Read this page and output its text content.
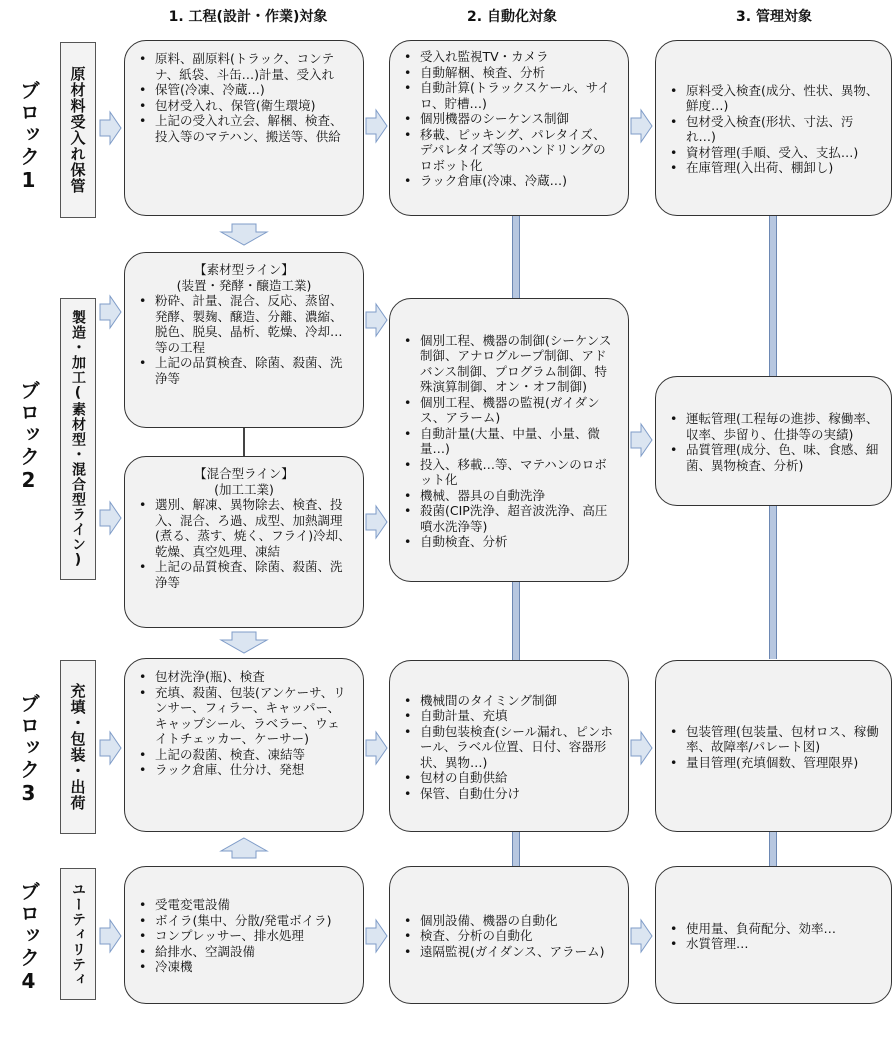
1. 工程(設計・作業)対象	2. 自動化対象	3. 管理対象
ブロック1	原材料受入れ保管
• 原料、副原料(トラック、コンテナ、紙袋、斗缶…)計量、受入れ
• 保管(冷凍、冷蔵…)
• 包材受入れ、保管(衛生環境)
• 上記の受入れ立会、解梱、検査、投入等のマテハン、搬送等、供給
• 受入れ監視TV・カメラ
• 自動解梱、検査、分析
• 自動計算(トラックスケール、サイロ、貯槽…)
• 個別機器のシーケンス制御
• 移載、ピッキング、パレタイズ、デパレタイズ等のハンドリングのロボット化
• ラック倉庫(冷凍、冷蔵…)
• 原料受入検査(成分、性状、異物、鮮度…)
• 包材受入検査(形状、寸法、汚れ…)
• 資材管理(手順、受入、支払…)
• 在庫管理(入出荷、棚卸し)
ブロック2	製造・加工(素材型・混合型ライン)
【素材型ライン】
(装置・発酵・醸造工業)
• 粉砕、計量、混合、反応、蒸留、発酵、製麹、醸造、分離、濃縮、脱色、脱臭、晶析、乾燥、冷却…等の工程
• 上記の品質検査、除菌、殺菌、洗浄等
【混合型ライン】
(加工工業)
• 選別、解凍、異物除去、検査、投入、混合、ろ過、成型、加熱調理(煮る、蒸す、焼く、フライ)冷却、乾燥、真空処理、凍結
• 上記の品質検査、除菌、殺菌、洗浄等
• 個別工程、機器の制御(シーケンス制御、アナログループ制御、アドバンス制御、プログラム制御、特殊演算制御、オン・オフ制御)
• 個別工程、機器の監視(ガイダンス、アラーム)
• 自動計量(大量、中量、小量、微量…)
• 投入、移載…等、マテハンのロボット化
• 機械、器具の自動洗浄
• 殺菌(CIP洗浄、超音波洗浄、高圧噴水洗浄等)
• 自動検査、分析
• 運転管理(工程毎の進捗、稼働率、収率、歩留り、仕掛等の実績)
• 品質管理(成分、色、味、食感、細菌、異物検査、分析)
ブロック3	充填・包装・出荷
• 包材洗浄(瓶)、検査
• 充填、殺菌、包装(アンケーサ、リンサー、フィラー、キャッパー、キャップシール、ラベラー、ウェイトチェッカー、ケーサー)
• 上記の殺菌、検査、凍結等
• ラック倉庫、仕分け、発想
• 機械間のタイミング制御
• 自動計量、充填
• 自動包装検査(シール漏れ、ピンホール、ラベル位置、日付、容器形状、異物…)
• 包材の自動供給
• 保管、自動仕分け
• 包装管理(包装量、包材ロス、稼働率、故障率/パレート図)
• 量目管理(充填個数、管理限界)
ブロック4	ユーティリティ
•	受電変電設備
• ボイラ(集中、分散/発電ボイラ)
• コンプレッサー、排水処理
• 給排水、空調設備
• 冷凍機
• 個別設備、機器の自動化
• 検査、分析の自動化
• 遠隔監視(ガイダンス、アラーム)
• 使用量、負荷配分、効率…
• 水質管理…
